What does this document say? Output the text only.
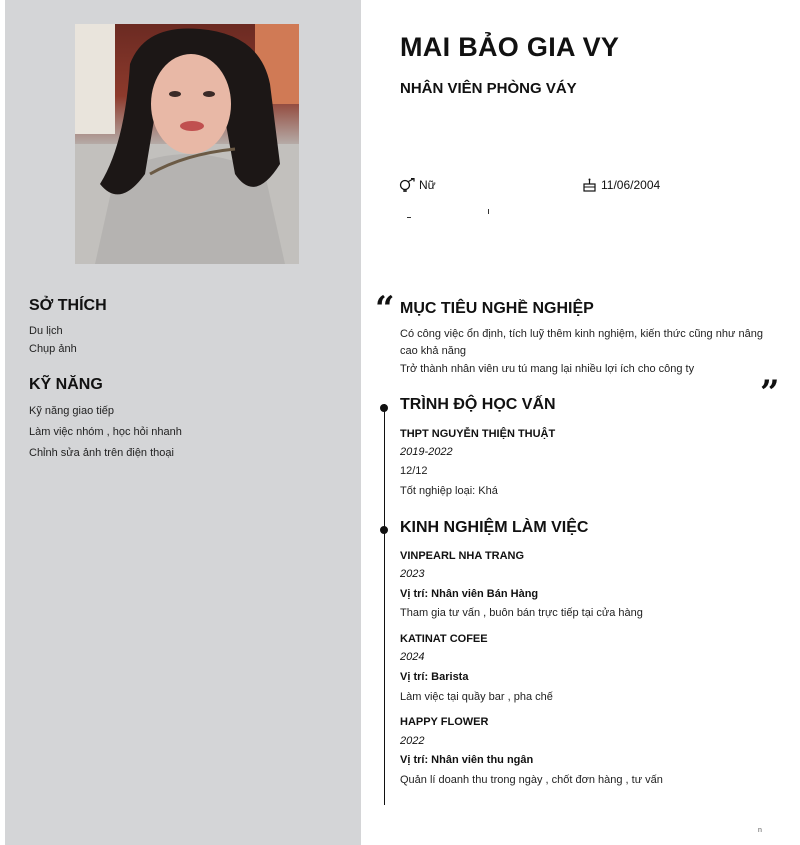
SỞ THÍCH

Du lịch

Chụp ảnh

KỸ NĂNG

Kỹ năng giao tiếp

Làm việc nhóm , học hỏi nhanh

Chỉnh sửa ảnh trên điện thoại

MAI BẢO GIA VY
NHÂN VIÊN PHÒNG VÁY
Nữ	11/06/2004
“ MỤC TIÊU NGHỀ NGHIỆP

Có công việc ổn định, tích luỹ thêm kinh nghiệm, kiến thức cũng như nâng cao khả năng

Trở thành nhân viên ưu tú mang lại nhiều lợi ích cho công ty

”
TRÌNH ĐỘ HỌC VẤN

THPT NGUYỄN THIỆN THUẬT

2019-2022

12/12

Tốt nghiệp loại: Khá

KINH NGHIỆM LÀM VIỆC

VINPEARL NHA TRANG

2023

Vị trí: Nhân viên Bán Hàng

Tham gia tư vấn , buôn bán trực tiếp tại cửa hàng

KATINAT COFEE

2024

Vị trí: Barista

Làm việc tại quầy bar , pha chế

HAPPY FLOWER

2022

Vị trí: Nhân viên thu ngân

Quản lí doanh thu trong ngày , chốt đơn hàng , tư vấn

n
